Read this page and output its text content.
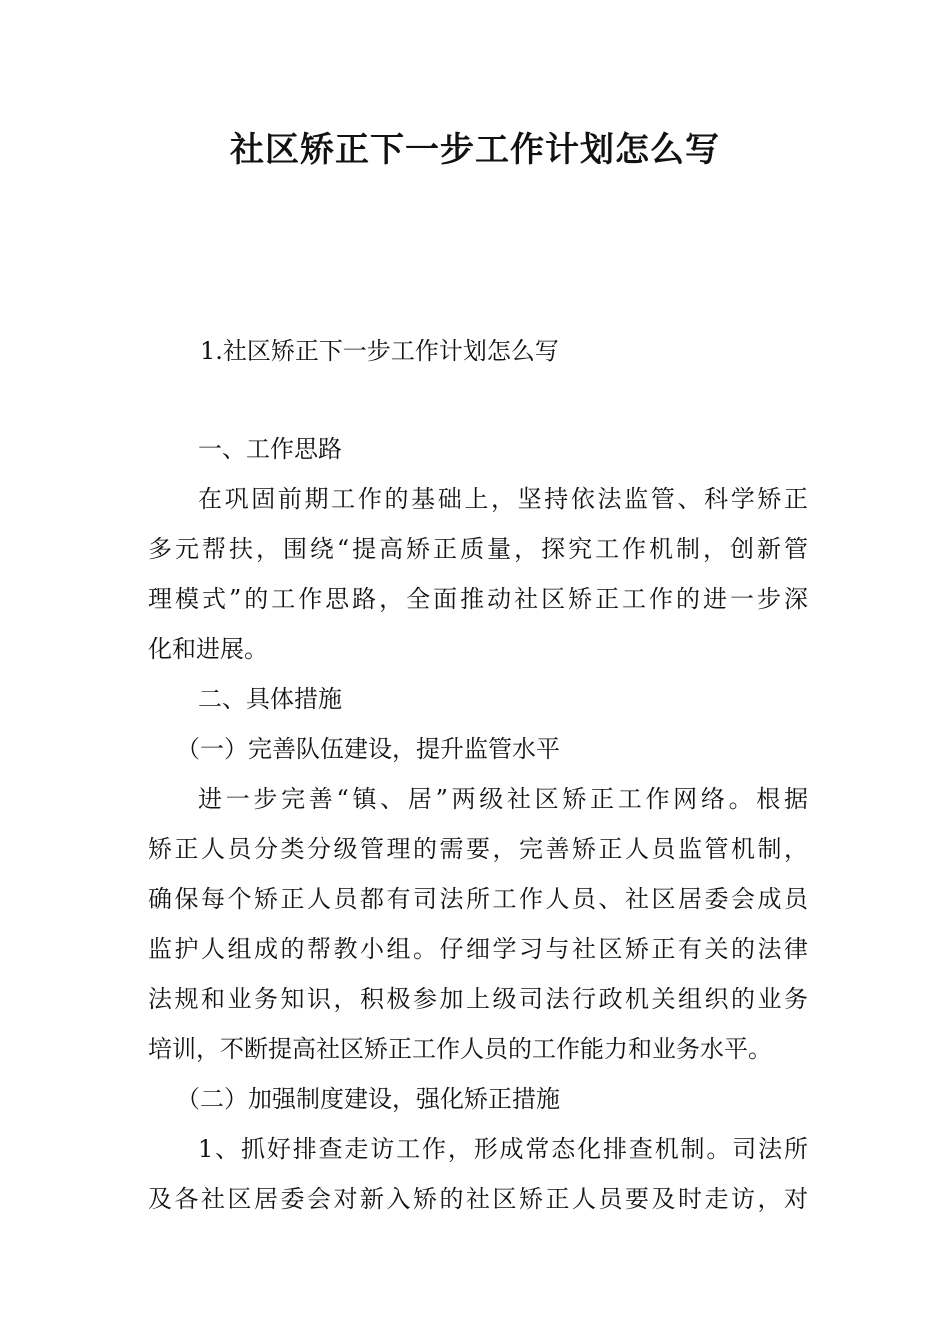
社区矫正下一步工作计划怎么写
1.社区矫正下一步工作计划怎么写
一、工作思路
在巩固前期工作的基础上，坚持依法监管、科学矫正
多元帮扶，围绕“提高矫正质量，探究工作机制，创新管
理模式”的工作思路，全面推动社区矫正工作的进一步深
化和进展。
二、具体措施
（一）完善队伍建设，提升监管水平
进一步完善“镇、居”两级社区矫正工作网络。根据
矫正人员分类分级管理的需要，完善矫正人员监管机制，
确保每个矫正人员都有司法所工作人员、社区居委会成员
监护人组成的帮教小组。仔细学习与社区矫正有关的法律
法规和业务知识，积极参加上级司法行政机关组织的业务
培训，不断提高社区矫正工作人员的工作能力和业务水平。
（二）加强制度建设，强化矫正措施
1、抓好排查走访工作，形成常态化排查机制。司法所
及各社区居委会对新入矫的社区矫正人员要及时走访，对
